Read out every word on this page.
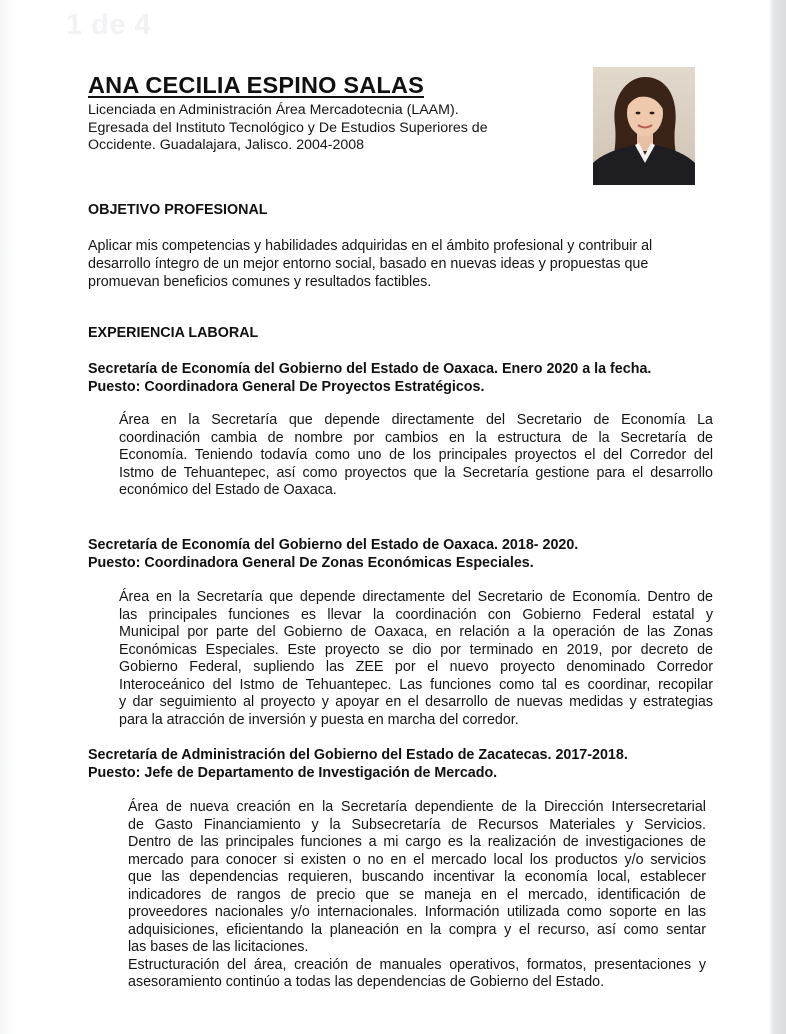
ANA CECILIA ESPINO SALAS
Licenciada en Administración Área Mercadotecnia (LAAM).
Egresada del Instituto Tecnológico y De Estudios Superiores de
Occidente. Guadalajara, Jalisco. 2004-2008
OBJETIVO PROFESIONAL
Aplicar mis competencias y habilidades adquiridas en el ámbito profesional y contribuir al
desarrollo íntegro de un mejor entorno social, basado en nuevas ideas y propuestas que
promuevan beneficios comunes y resultados factibles.
EXPERIENCIA LABORAL
Secretaría de Economía del Gobierno del Estado de Oaxaca. Enero 2020 a la fecha.
Puesto: Coordinadora General De Proyectos Estratégicos.
Área en la Secretaría que depende directamente del Secretario de Economía La
coordinación cambia de nombre por cambios en la estructura de la Secretaría de
Economía. Teniendo todavía como uno de los principales proyectos el del Corredor del
Istmo de Tehuantepec, así como proyectos que la Secretaría gestione para el desarrollo
económico del Estado de Oaxaca.
Secretaría de Economía del Gobierno del Estado de Oaxaca. 2018- 2020.
Puesto: Coordinadora General De Zonas Económicas Especiales.
Área en la Secretaría que depende directamente del Secretario de Economía. Dentro de
las principales funciones es llevar la coordinación con Gobierno Federal estatal y
Municipal por parte del Gobierno de Oaxaca, en relación a la operación de las Zonas
Económicas Especiales. Este proyecto se dio por terminado en 2019, por decreto de
Gobierno Federal, supliendo las ZEE por el nuevo proyecto denominado Corredor
Interoceánico del Istmo de Tehuantepec. Las funciones como tal es coordinar, recopilar
y dar seguimiento al proyecto y apoyar en el desarrollo de nuevas medidas y estrategias
para la atracción de inversión y puesta en marcha del corredor.
Secretaría de Administración del Gobierno del Estado de Zacatecas. 2017-2018.
Puesto: Jefe de Departamento de Investigación de Mercado.
Área de nueva creación en la Secretaría dependiente de la Dirección Intersecretarial
de Gasto Financiamiento y la Subsecretaría de Recursos Materiales y Servicios.
Dentro de las principales funciones a mi cargo es la realización de investigaciones de
mercado para conocer si existen o no en el mercado local los productos y/o servicios
que las dependencias requieren, buscando incentivar la economía local, establecer
indicadores de rangos de precio que se maneja en el mercado, identificación de
proveedores nacionales y/o internacionales. Información utilizada como soporte en las
adquisiciones, eficientando la planeación en la compra y el recurso, así como sentar
las bases de las licitaciones.
Estructuración del área, creación de manuales operativos, formatos, presentaciones y
asesoramiento continúo a todas las dependencias de Gobierno del Estado.
1 de 4
